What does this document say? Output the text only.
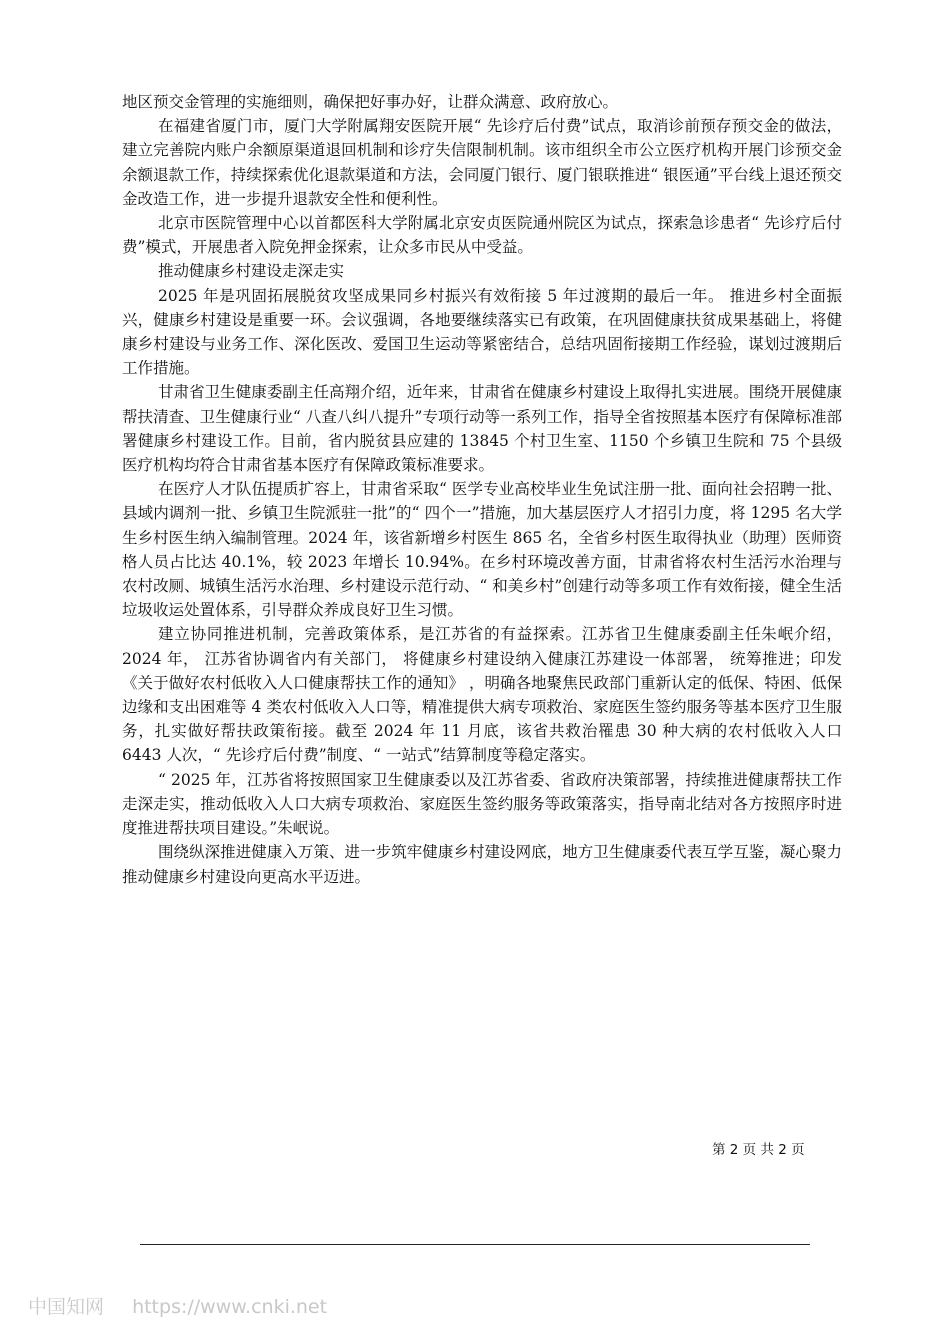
地区预交金管理的实施细则，确保把好事办好，让群众满意、政府放心。

在福建省厦门市，厦门大学附属翔安医院开展“ 先诊疗后付费”试点，取消诊前预存预交金的做法，建立完善院内账户余额原渠道退回机制和诊疗失信限制机制。该市组织全市公立医疗机构开展门诊预交金余额退款工作，持续探索优化退款渠道和方法，会同厦门银行、厦门银联推进“ 银医通”平台线上退还预交金改造工作，进一步提升退款安全性和便利性。

北京市医院管理中心以首都医科大学附属北京安贞医院通州院区为试点，探索急诊患者“ 先诊疗后付费”模式，开展患者入院免押金探索，让众多市民从中受益。

推动健康乡村建设走深走实

2025 年是巩固拓展脱贫攻坚成果同乡村振兴有效衔接 5 年过渡期的最后一年。 推进乡村全面振兴，健康乡村建设是重要一环。会议强调，各地要继续落实已有政策，在巩固健康扶贫成果基础上，将健康乡村建设与业务工作、深化医改、爱国卫生运动等紧密结合，总结巩固衔接期工作经验，谋划过渡期后工作措施。

甘肃省卫生健康委副主任高翔介绍，近年来，甘肃省在健康乡村建设上取得扎实进展。围绕开展健康帮扶清查、卫生健康行业“ 八查八纠八提升”专项行动等一系列工作，指导全省按照基本医疗有保障标准部署健康乡村建设工作。目前，省内脱贫县应建的 13845 个村卫生室、1150 个乡镇卫生院和 75 个县级医疗机构均符合甘肃省基本医疗有保障政策标准要求。

在医疗人才队伍提质扩容上，甘肃省采取“ 医学专业高校毕业生免试注册一批、面向社会招聘一批、县域内调剂一批、乡镇卫生院派驻一批”的“ 四个一”措施，加大基层医疗人才招引力度，将 1295 名大学生乡村医生纳入编制管理。2024 年，该省新增乡村医生 865 名，全省乡村医生取得执业（助理）医师资格人员占比达 40.1%，较 2023 年增长 10.94%。在乡村环境改善方面，甘肃省将农村生活污水治理与农村改厕、城镇生活污水治理、乡村建设示范行动、“ 和美乡村”创建行动等多项工作有效衔接，健全生活垃圾收运处置体系，引导群众养成良好卫生习惯。

建立协同推进机制，完善政策体系，是江苏省的有益探索。江苏省卫生健康委副主任朱岷介绍， 2024 年， 江苏省协调省内有关部门， 将健康乡村建设纳入健康江苏建设一体部署， 统筹推进；印发《关于做好农村低收入人口健康帮扶工作的通知》 ，明确各地聚焦民政部门重新认定的低保、特困、低保边缘和支出困难等 4 类农村低收入人口等，精准提供大病专项救治、家庭医生签约服务等基本医疗卫生服务，扎实做好帮扶政策衔接。截至 2024 年 11 月底，该省共救治罹患 30 种大病的农村低收入人口 6443 人次，“ 先诊疗后付费”制度、“ 一站式”结算制度等稳定落实。

“ 2025 年，江苏省将按照国家卫生健康委以及江苏省委、省政府决策部署，持续推进健康帮扶工作走深走实，推动低收入人口大病专项救治、家庭医生签约服务等政策落实，指导南北结对各方按照序时进度推进帮扶项目建设。”朱岷说。

围绕纵深推进健康入万策、进一步筑牢健康乡村建设网底，地方卫生健康委代表互学互鉴，凝心聚力推动健康乡村建设向更高水平迈进。

第 2 页 共 2 页
中国知网 https://www.cnki.net
